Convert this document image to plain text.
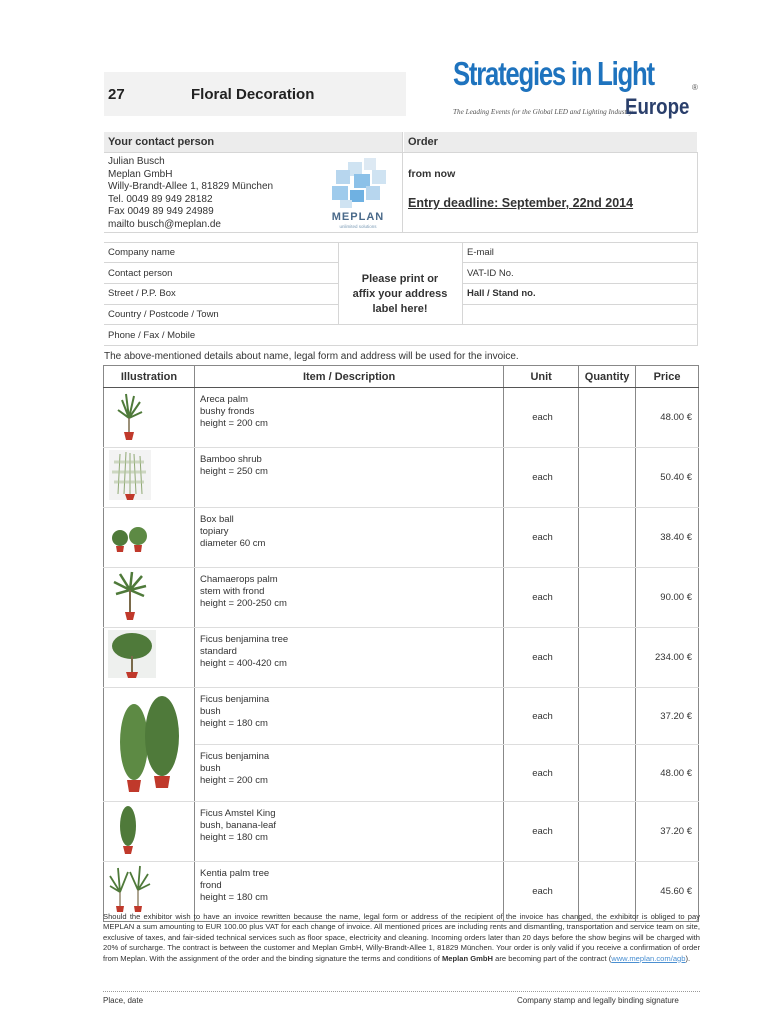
27	Floral Decoration
Strategies in Light	®
The Leading Events for the Global LED and Lighting Industry
Europe
Your contact person	Order
Julian Busch
Meplan GmbH
Willy-Brandt-Allee 1, 81829 München
Tel. 0049 89 949 28182
Fax 0049 89 949 24989
mailto busch@meplan.de
MEPLAN
unlimited solutions
from now
Entry deadline: September, 22nd 2014
Company name
Contact person
Street / P.P. Box
Country / Postcode / Town
Phone / Fax / Mobile
Please print or
affix your address
label here!
E-mail
VAT-ID No.
Hall / Stand no.
The above-mentioned details about name, legal form and address will be used for the invoice.
Illustration	Item / Description	Unit	Quantity	Price

Areca palm
bushy fronds
height = 200 cm	each		48.00 €

Bamboo shrub
height = 250 cm	each		50.40 €

Box ball
topiary
diameter 60 cm	each		38.40 €

Chamaerops palm
stem with frond
height = 200-250 cm	each		90.00 €

Ficus benjamina tree
standard
height = 400-420 cm	each		234.00 €

Ficus benjamina
bush
height = 180 cm	each		37.20 €

	Ficus benjamina
bush
height = 200 cm	each		48.00 €

Ficus Amstel King
bush, banana-leaf
height = 180 cm	each		37.20 €

Kentia palm tree
frond
height = 180 cm	each		45.60 €
Should the exhibitor wish to have an invoice rewritten because the name, legal form or address of the recipient of the invoice has changed, the exhibitor is obliged to pay MEPLAN a sum amounting to EUR 100.00 plus VAT for each change of invoice. All mentioned prices are including rents and dismantling, transportation and service team on site, exclusive of taxes, and fair-sided technical services such as floor space, electricity and cleaning. Incoming orders later than 20 days before the show begins will be charged with 20% of surcharge. The contract is between the customer and Meplan GmbH, Willy-Brandt-Allee 1, 81829 München. Your order is only valid if you receive a confirmation of order from Meplan. With the assignment of the order and the binding signature the terms and conditions of Meplan GmbH are becoming part of the contract (www.meplan.com/agb).
Place, date	Company stamp and legally binding signature
